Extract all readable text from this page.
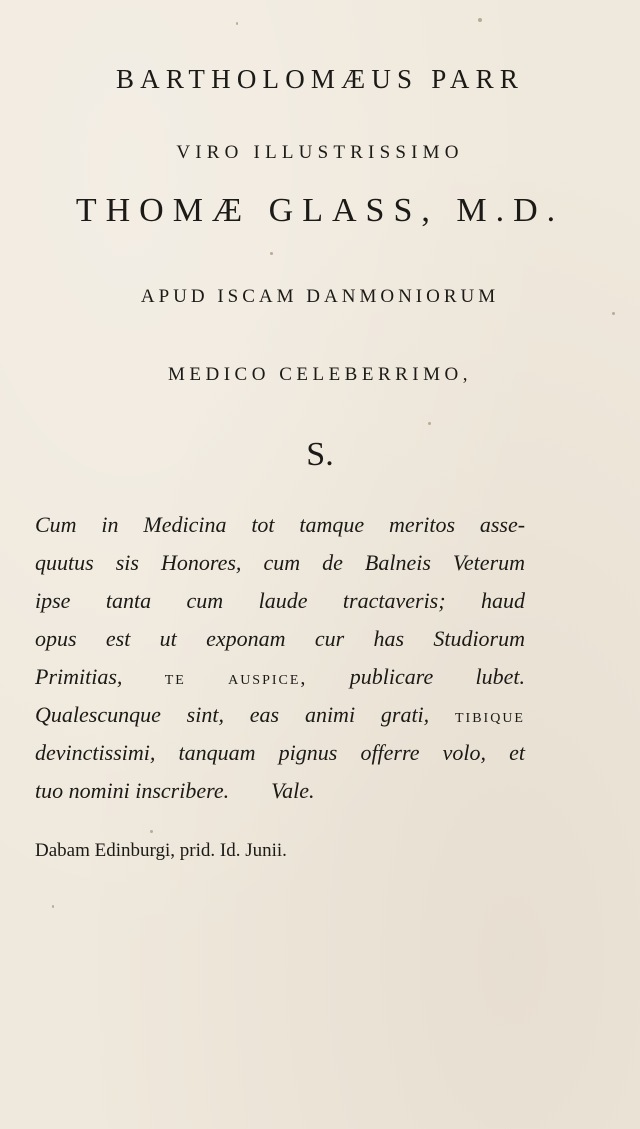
BARTHOLOMÆUS PARR
VIRO ILLUSTRISSIMO
THOMÆ GLASS, M.D.
APUD ISCAM DANMONIORUM
MEDICO CELEBERRIMO,
S.
Cum in Medicina tot tamque meritos asse-
quutus sis Honores, cum de Balneis Veterum
ipse tanta cum laude tractaveris; haud
opus est ut exponam cur has Studiorum
Primitias, te auspice, publicare lubet.
Qualescunque sint, eas animi grati, tibique
devinctissimi, tanquam pignus offerre volo, et
tuo nomini inscribere. Vale.
Dabam Edinburgi, prid. Id. Junii.
